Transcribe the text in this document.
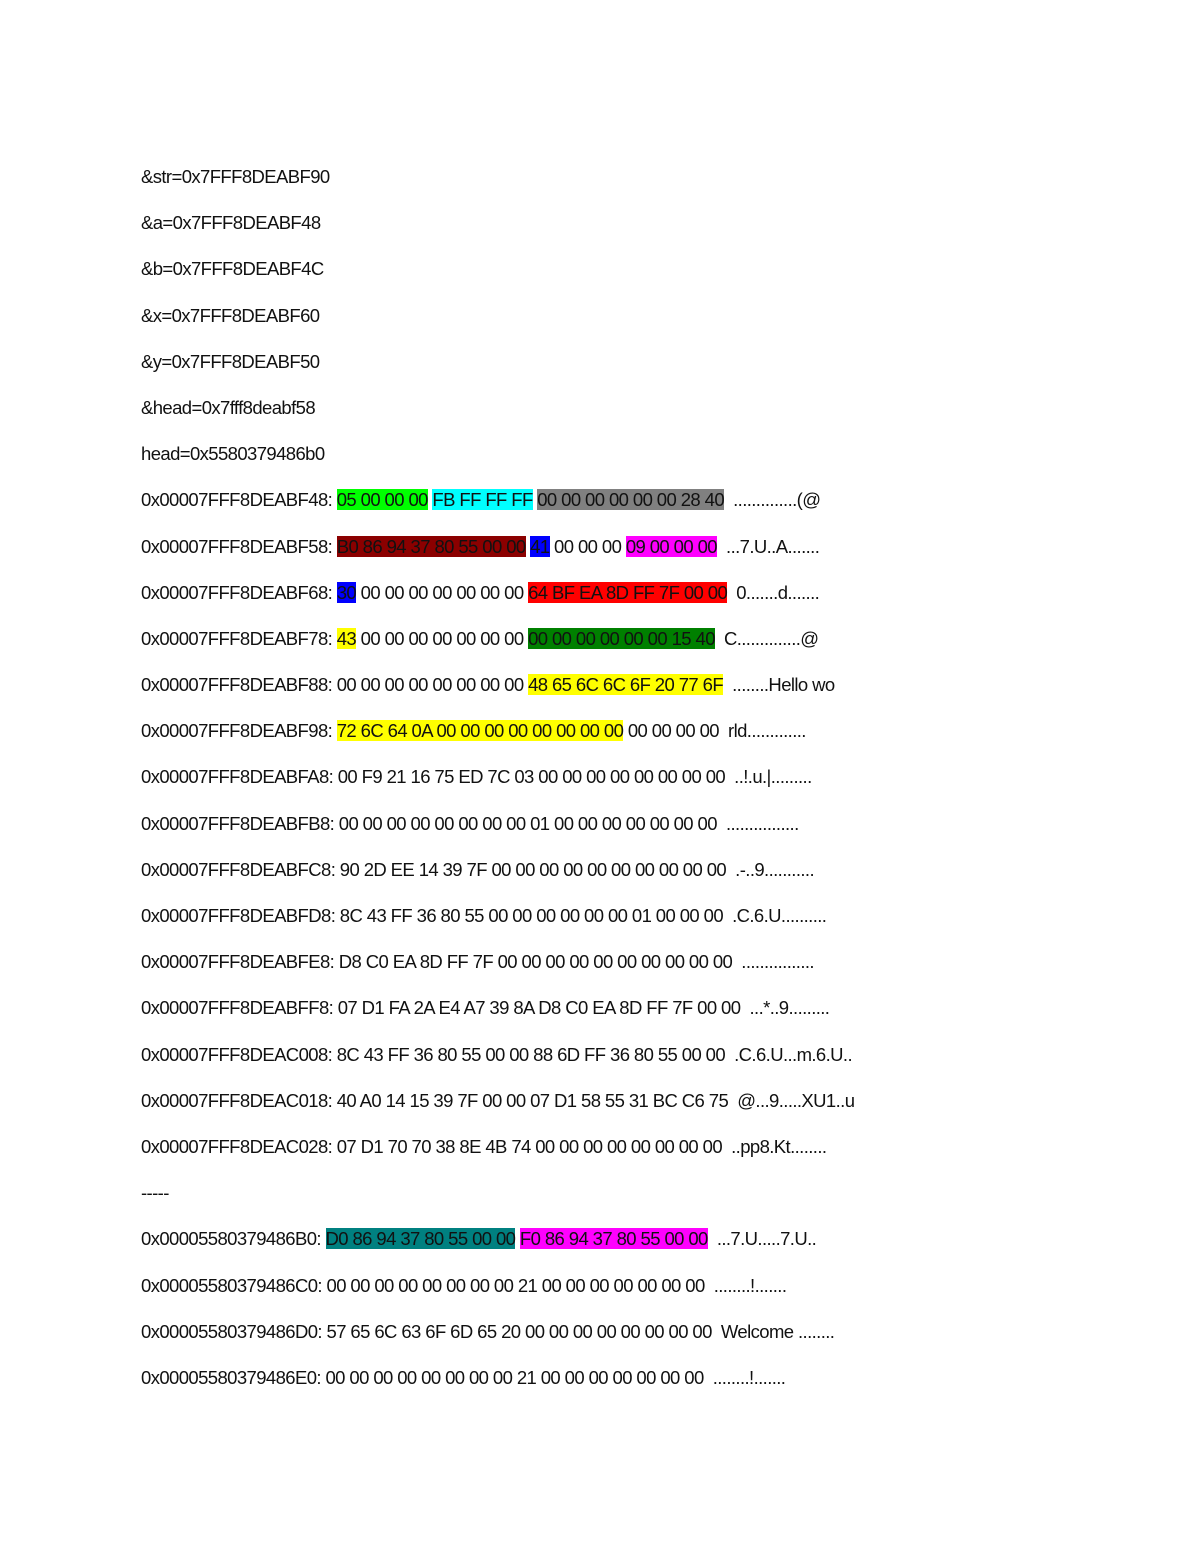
&str=0x7FFF8DEABF90
&a=0x7FFF8DEABF48
&b=0x7FFF8DEABF4C
&x=0x7FFF8DEABF60
&y=0x7FFF8DEABF50
&head=0x7fff8deabf58
head=0x5580379486b0
0x00007FFF8DEABF48: 05 00 00 00 FB FF FF FF 00 00 00 00 00 00 28 40  ..............(@
0x00007FFF8DEABF58: B0 86 94 37 80 55 00 00 41 00 00 00 09 00 00 00  ...7.U..A.......
0x00007FFF8DEABF68: 30 00 00 00 00 00 00 00 64 BF EA 8D FF 7F 00 00  0.......d.......
0x00007FFF8DEABF78: 43 00 00 00 00 00 00 00 00 00 00 00 00 00 15 40  C..............@
0x00007FFF8DEABF88: 00 00 00 00 00 00 00 00 48 65 6C 6C 6F 20 77 6F  ........Hello wo
0x00007FFF8DEABF98: 72 6C 64 0A 00 00 00 00 00 00 00 00 00 00 00 00  rld.............
0x00007FFF8DEABFA8: 00 F9 21 16 75 ED 7C 03 00 00 00 00 00 00 00 00  ..!.u.|.........
0x00007FFF8DEABFB8: 00 00 00 00 00 00 00 00 01 00 00 00 00 00 00 00  ................
0x00007FFF8DEABFC8: 90 2D EE 14 39 7F 00 00 00 00 00 00 00 00 00 00  .-..9...........
0x00007FFF8DEABFD8: 8C 43 FF 36 80 55 00 00 00 00 00 00 01 00 00 00  .C.6.U..........
0x00007FFF8DEABFE8: D8 C0 EA 8D FF 7F 00 00 00 00 00 00 00 00 00 00  ................
0x00007FFF8DEABFF8: 07 D1 FA 2A E4 A7 39 8A D8 C0 EA 8D FF 7F 00 00  ...*..9.........
0x00007FFF8DEAC008: 8C 43 FF 36 80 55 00 00 88 6D FF 36 80 55 00 00  .C.6.U...m.6.U..
0x00007FFF8DEAC018: 40 A0 14 15 39 7F 00 00 07 D1 58 55 31 BC C6 75  @...9.....XU1..u
0x00007FFF8DEAC028: 07 D1 70 70 38 8E 4B 74 00 00 00 00 00 00 00 00  ..pp8.Kt........
-----
0x00005580379486B0: D0 86 94 37 80 55 00 00 F0 86 94 37 80 55 00 00  ...7.U.....7.U..
0x00005580379486C0: 00 00 00 00 00 00 00 00 21 00 00 00 00 00 00 00  ........!.......
0x00005580379486D0: 57 65 6C 63 6F 6D 65 20 00 00 00 00 00 00 00 00  Welcome ........
0x00005580379486E0: 00 00 00 00 00 00 00 00 21 00 00 00 00 00 00 00  ........!.......
